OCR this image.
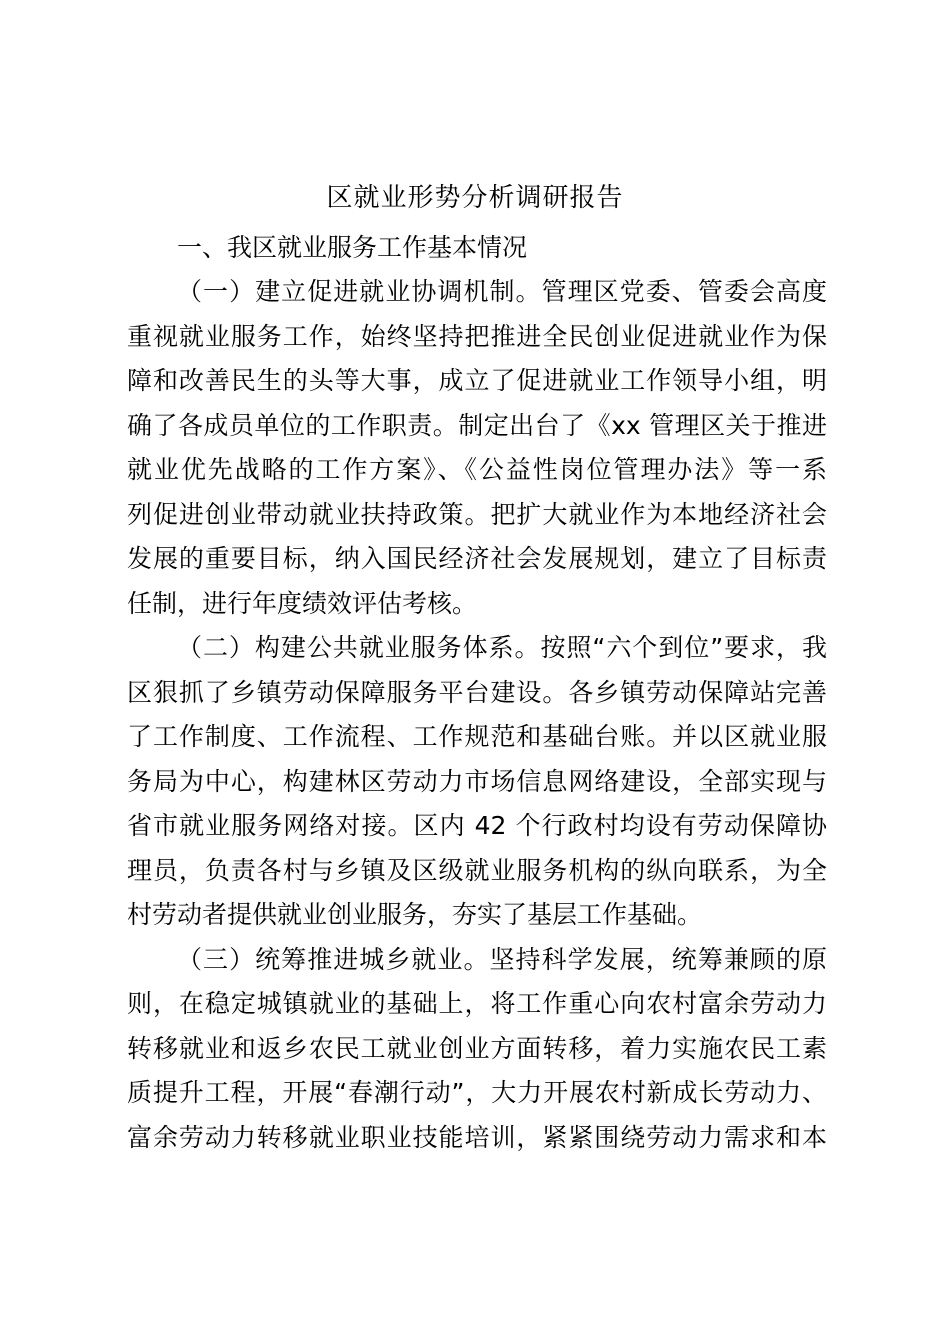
区就业形势分析调研报告
一、我区就业服务工作基本情况
（一）建立促进就业协调机制。管理区党委、管委会高度
重视就业服务工作，始终坚持把推进全民创业促进就业作为保
障和改善民生的头等大事，成立了促进就业工作领导小组，明
确了各成员单位的工作职责。制定出台了《xx 管理区关于推进
就业优先战略的工作方案》、《公益性岗位管理办法》等一系
列促进创业带动就业扶持政策。把扩大就业作为本地经济社会
发展的重要目标，纳入国民经济社会发展规划，建立了目标责
任制，进行年度绩效评估考核。
（二）构建公共就业服务体系。按照“六个到位”要求，我
区狠抓了乡镇劳动保障服务平台建设。各乡镇劳动保障站完善
了工作制度、工作流程、工作规范和基础台账。并以区就业服
务局为中心，构建林区劳动力市场信息网络建设，全部实现与
省市就业服务网络对接。区内 42 个行政村均设有劳动保障协
理员，负责各村与乡镇及区级就业服务机构的纵向联系，为全
村劳动者提供就业创业服务，夯实了基层工作基础。
（三）统筹推进城乡就业。坚持科学发展，统筹兼顾的原
则，在稳定城镇就业的基础上，将工作重心向农村富余劳动力
转移就业和返乡农民工就业创业方面转移，着力实施农民工素
质提升工程，开展“春潮行动”，大力开展农村新成长劳动力、
富余劳动力转移就业职业技能培训，紧紧围绕劳动力需求和本
